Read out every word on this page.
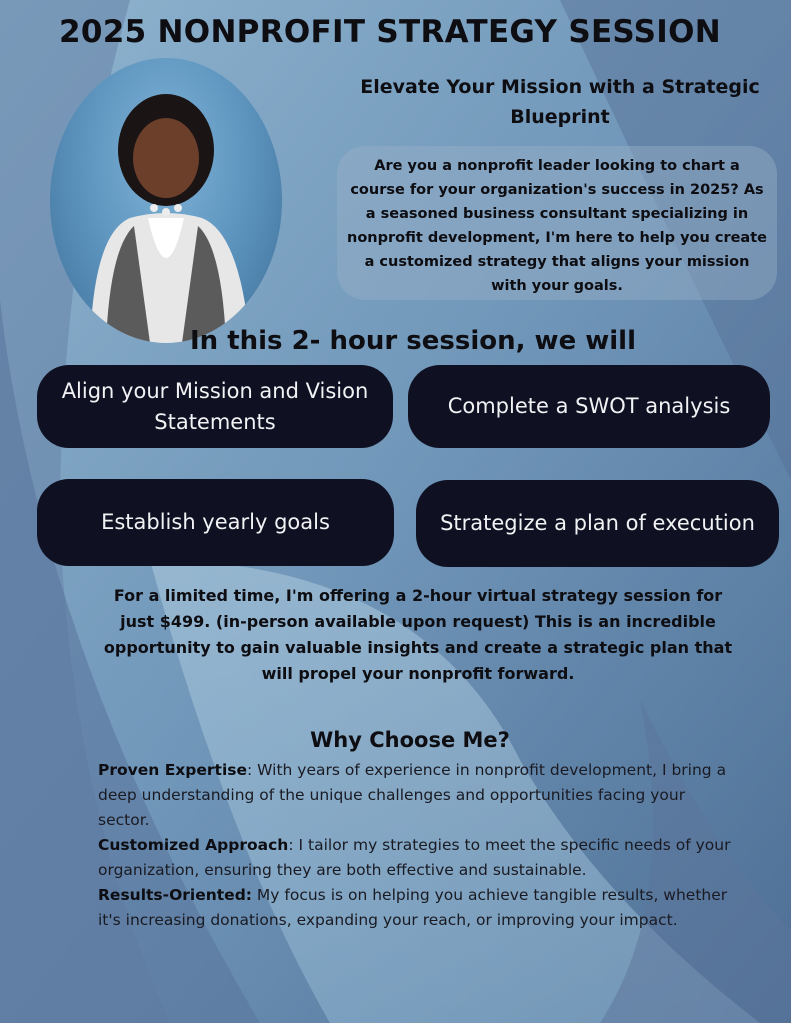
2025 NONPROFIT STRATEGY SESSION
Elevate Your Mission with a Strategic Blueprint
Are you a nonprofit leader looking to chart a course for your organization's success in 2025? As a seasoned business consultant specializing in nonprofit development, I'm here to help you create a customized strategy that aligns your mission with your goals.
In this 2- hour session, we will
Align your Mission and Vision Statements
Complete a SWOT analysis
Establish yearly goals	Strategize a plan of execution
For a limited time, I'm offering a 2-hour virtual strategy session for just $499. (in-person available upon request) This is an incredible opportunity to gain valuable insights and create a strategic plan that will propel your nonprofit forward.
Why Choose Me?
Proven Expertise: With years of experience in nonprofit development, I bring a deep understanding of the unique challenges and opportunities facing your sector.
Customized Approach: I tailor my strategies to meet the specific needs of your organization, ensuring they are both effective and sustainable.
Results-Oriented: My focus is on helping you achieve tangible results, whether it's increasing donations, expanding your reach, or improving your impact.
